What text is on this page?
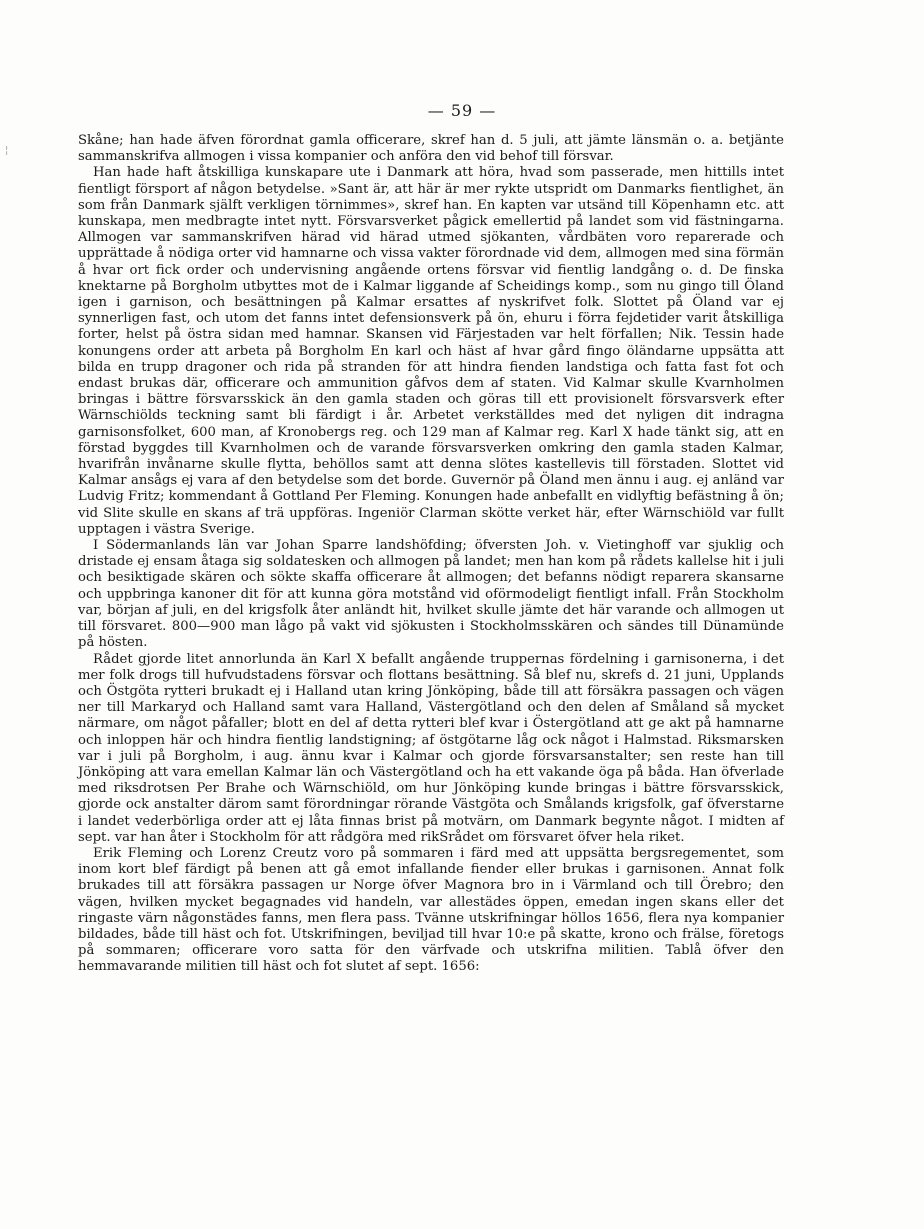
— 59 —
¦

Skåne; han hade äfven förordnat gamla officerare, skref han d. 5 juli, att jämte länsmän o. a. betjänte sammanskrifva allmogen i vissa kompanier och anföra den vid behof till försvar.

Han hade haft åtskilliga kunskapare ute i Danmark att höra, hvad som passerade, men hittills intet fientligt försport af någon betydelse. »Sant är, att här är mer rykte utspridt om Danmarks fientlighet, än som från Danmark själft verkligen törnimmes», skref han. En kapten var utsänd till Köpenhamn etc. att kunskapa, men medbragte intet nytt. Försvarsverket pågick emellertid på landet som vid fästningarna. Allmogen var sammanskrifven härad vid härad utmed sjökanten, vårdbäten voro reparerade och upprättade å nödiga orter vid hamnarne och vissa vakter förordnade vid dem, allmogen med sina förmän å hvar ort fick order och undervisning angående ortens försvar vid fientlig landgång o. d. De finska knektarne på Borgholm utbyttes mot de i Kalmar liggande af Scheidings komp., som nu gingo till Öland igen i garnison, och besättningen på Kalmar ersattes af nyskrifvet folk. Slottet på Öland var ej synnerligen fast, och utom det fanns intet defensionsverk på ön, ehuru i förra fejdetider varit åtskilliga forter, helst på östra sidan med hamnar. Skansen vid Färjestaden var helt förfallen; Nik. Tessin hade konungens order att arbeta på Borgholm En karl och häst af hvar gård fingo öländarne uppsätta att bilda en trupp dragoner och rida på stranden för att hindra fienden landstiga och fatta fast fot och endast brukas där, officerare och ammunition gåfvos dem af staten. Vid Kalmar skulle Kvarnholmen bringas i bättre försvarsskick än den gamla staden och göras till ett provisionelt försvarsverk efter Wärnschiölds teckning samt bli färdigt i år. Arbetet verkställdes med det nyligen dit indragna garnisonsfolket, 600 man, af Kronobergs reg. och 129 man af Kalmar reg. Karl X hade tänkt sig, att en förstad byggdes till Kvarnholmen och de varande försvarsverken omkring den gamla staden Kalmar, hvarifrån invånarne skulle flytta, behöllos samt att denna slötes kastellevis till förstaden. Slottet vid Kalmar ansågs ej vara af den betydelse som det borde. Guvernör på Öland men ännu i aug. ej anländ var Ludvig Fritz; kommendant å Gottland Per Fleming. Konungen hade anbefallt en vidlyftig befästning å ön; vid Slite skulle en skans af trä uppföras. Ingeniör Clarman skötte verket här, efter Wärnschiöld var fullt upptagen i västra Sverige.

I Södermanlands län var Johan Sparre landshöfding; öfversten Joh. v. Vietinghoff var sjuklig och dristade ej ensam åtaga sig soldatesken och allmogen på landet; men han kom på rådets kallelse hit i juli och besiktigade skären och sökte skaffa officerare åt allmogen; det befanns nödigt reparera skansarne och uppbringa kanoner dit för att kunna göra motstånd vid oförmodeligt fientligt infall. Från Stockholm var, början af juli, en del krigsfolk åter anländt hit, hvilket skulle jämte det här varande och allmogen ut till försvaret. 800—900 man lågo på vakt vid sjökusten i Stockholmsskären och sändes till Dünamünde på hösten.

Rådet gjorde litet annorlunda än Karl X befallt angående truppernas fördelning i garnisonerna, i det mer folk drogs till hufvudstadens försvar och flottans besättning. Så blef nu, skrefs d. 21 juni, Upplands och Östgöta rytteri brukadt ej i Halland utan kring Jönköping, både till att försäkra passagen och vägen ner till Markaryd och Halland samt vara Halland, Västergötland och den delen af Småland så mycket närmare, om något påfaller; blott en del af detta rytteri blef kvar i Östergötland att ge akt på hamnarne och inloppen här och hindra fientlig landstigning; af östgötarne låg ock något i Halmstad. Riksmarsken var i juli på Borgholm, i aug. ännu kvar i Kalmar och gjorde försvarsanstalter; sen reste han till Jönköping att vara emellan Kalmar län och Västergötland och ha ett vakande öga på båda. Han öfverlade med riksdrotsen Per Brahe och Wärnschiöld, om hur Jönköping kunde bringas i bättre försvarsskick, gjorde ock anstalter därom samt förordningar rörande Västgöta och Smålands krigsfolk, gaf öfverstarne i landet vederbörliga order att ej låta finnas brist på motvärn, om Danmark begynte något. I midten af sept. var han åter i Stockholm för att rådgöra med rikSrådet om försvaret öfver hela riket.

Erik Fleming och Lorenz Creutz voro på sommaren i färd med att uppsätta bergsregementet, som inom kort blef färdigt på benen att gå emot infallande fiender eller brukas i garnisonen. Annat folk brukades till att försäkra passagen ur Norge öfver Magnora bro in i Värmland och till Örebro; den vägen, hvilken mycket begagnades vid handeln, var allestädes öppen, emedan ingen skans eller det ringaste värn någonstädes fanns, men flera pass. Tvänne utskrifningar höllos 1656, flera nya kompanier bildades, både till häst och fot. Utskrifningen, beviljad till hvar 10:e på skatte, krono och frälse, företogs på sommaren; officerare voro satta för den värfvade och utskrifna militien. Tablå öfver den hemmavarande militien till häst och fot slutet af sept. 1656:
